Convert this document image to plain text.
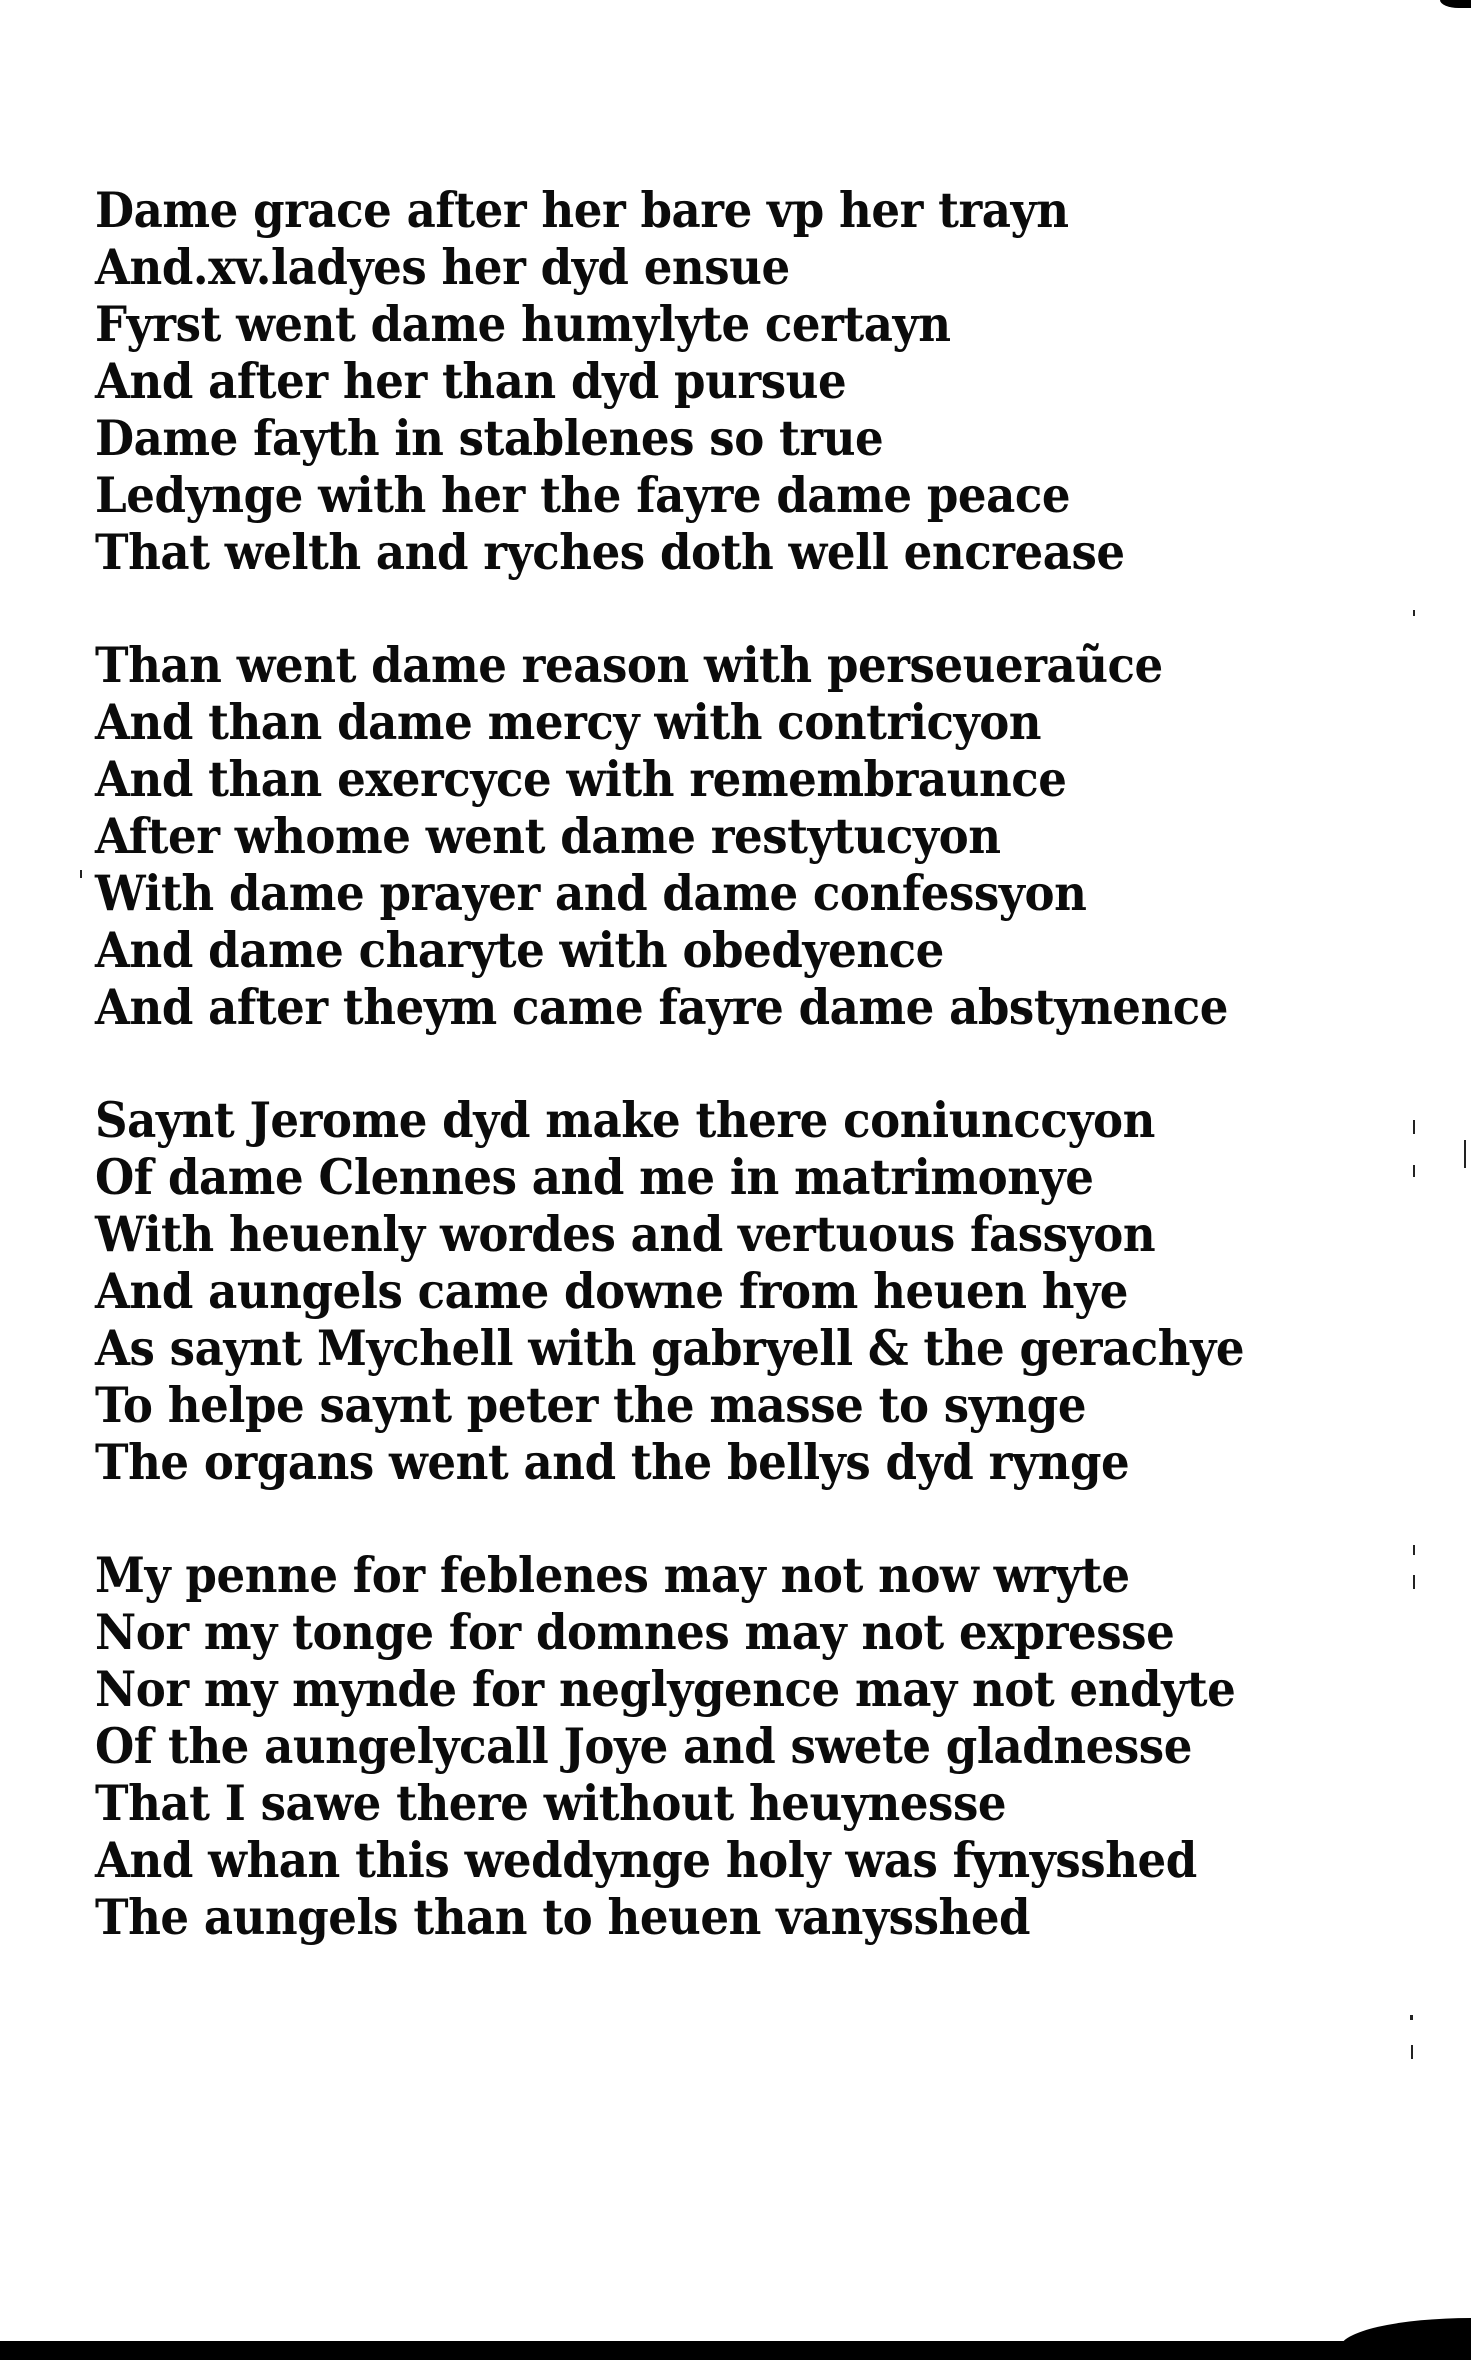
Dame grace after her bare vp her trayn
And.xv.ladyes her dyd ensue
Fyrst went dame humylyte certayn
And after her than dyd pursue
Dame fayth in stablenes so true
Ledynge with her the fayre dame peace
That welth and ryches doth well encrease
Than went dame reason with perseueraũce
And than dame mercy with contricyon
And than exercyce with remembraunce
After whome went dame restytucyon
With dame prayer and dame confessyon
And dame charyte with obedyence
And after theym came fayre dame abstynence
Saynt Jerome dyd make there coniunccyon
Of dame Clennes and me in matrimonye
With heuenly wordes and vertuous fassyon
And aungels came downe from heuen hye
As saynt Mychell with gabryell & the gerachye
To helpe saynt peter the masse to synge
The organs went and the bellys dyd rynge
My penne for feblenes may not now wryte
Nor my tonge for domnes may not expresse
Nor my mynde for neglygence may not endyte
Of the aungelycall Joye and swete gladnesse
That I sawe there without heuynesse
And whan this weddynge holy was fynysshed
The aungels than to heuen vanysshed
